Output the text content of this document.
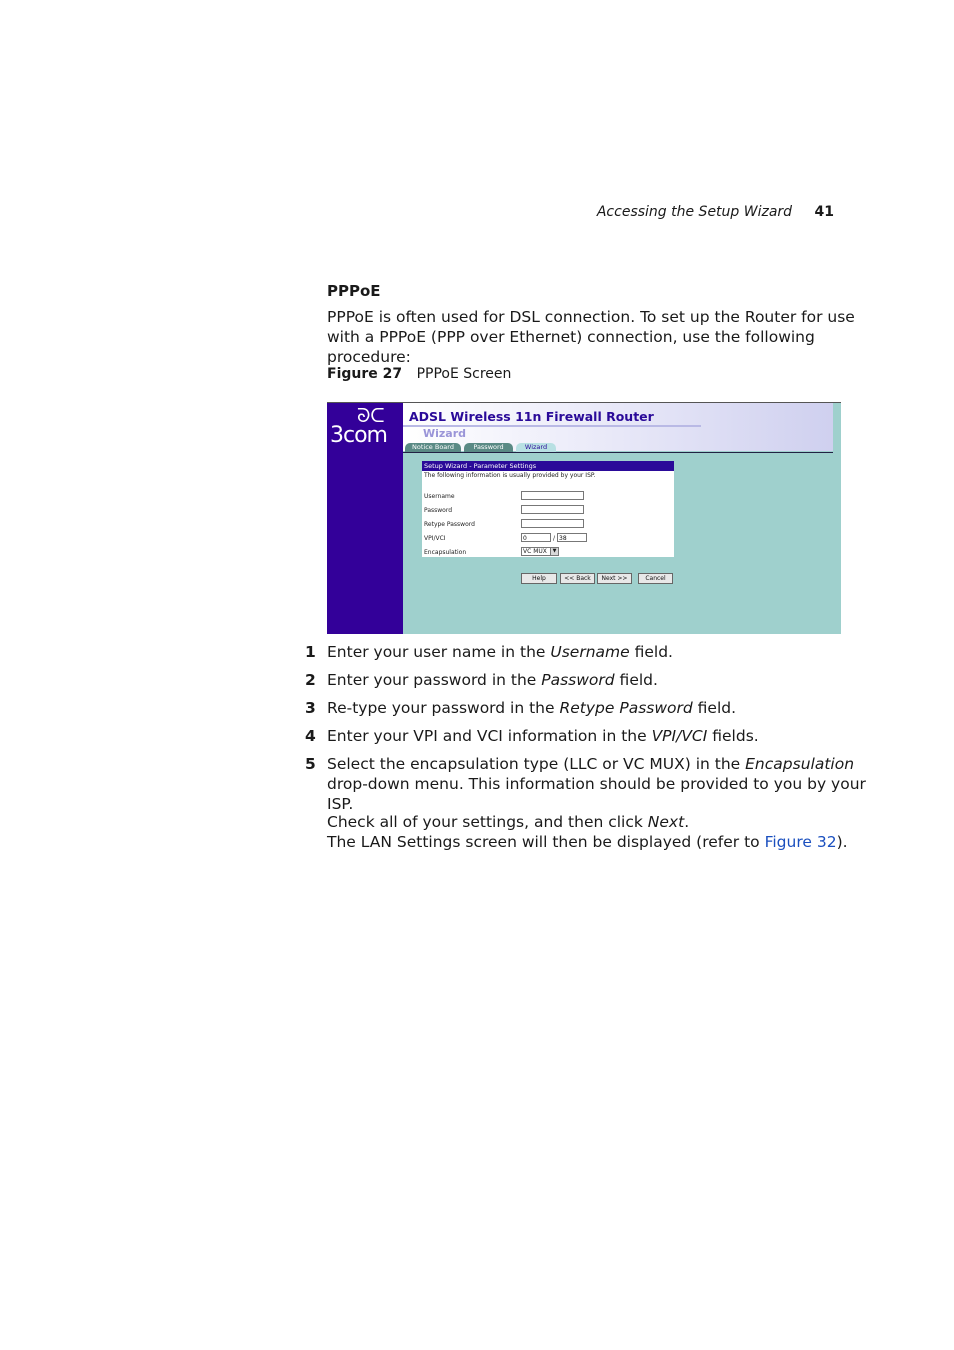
Accessing the Setup Wizard 41
PPPoE
PPPoE is often used for DSL connection. To set up the Router for use with a PPPoE (PPP over Ethernet) connection, use the following procedure:
Figure 27 PPPoE Screen
ᘐᑕ
3com
ADSL Wireless 11n Firewall Router
Wizard
Notice Board	Password	Wizard
Setup Wizard - Parameter Settings
The following information is usually provided by your ISP.
Username
Password
Retype Password
VPI/VCI	0	/ 38
Encapsulation	VC MUX	▼
Help	<< Back	Next >>	Cancel
1 Enter your user name in the Username field.
2 Enter your password in the Password field.
3 Re-type your password in the Retype Password field.
4 Enter your VPI and VCI information in the VPI/VCI fields.
5 Select the encapsulation type (LLC or VC MUX) in the Encapsulation drop-down menu. This information should be provided to you by your ISP.
Check all of your settings, and then click Next.
The LAN Settings screen will then be displayed (refer to Figure 32).
